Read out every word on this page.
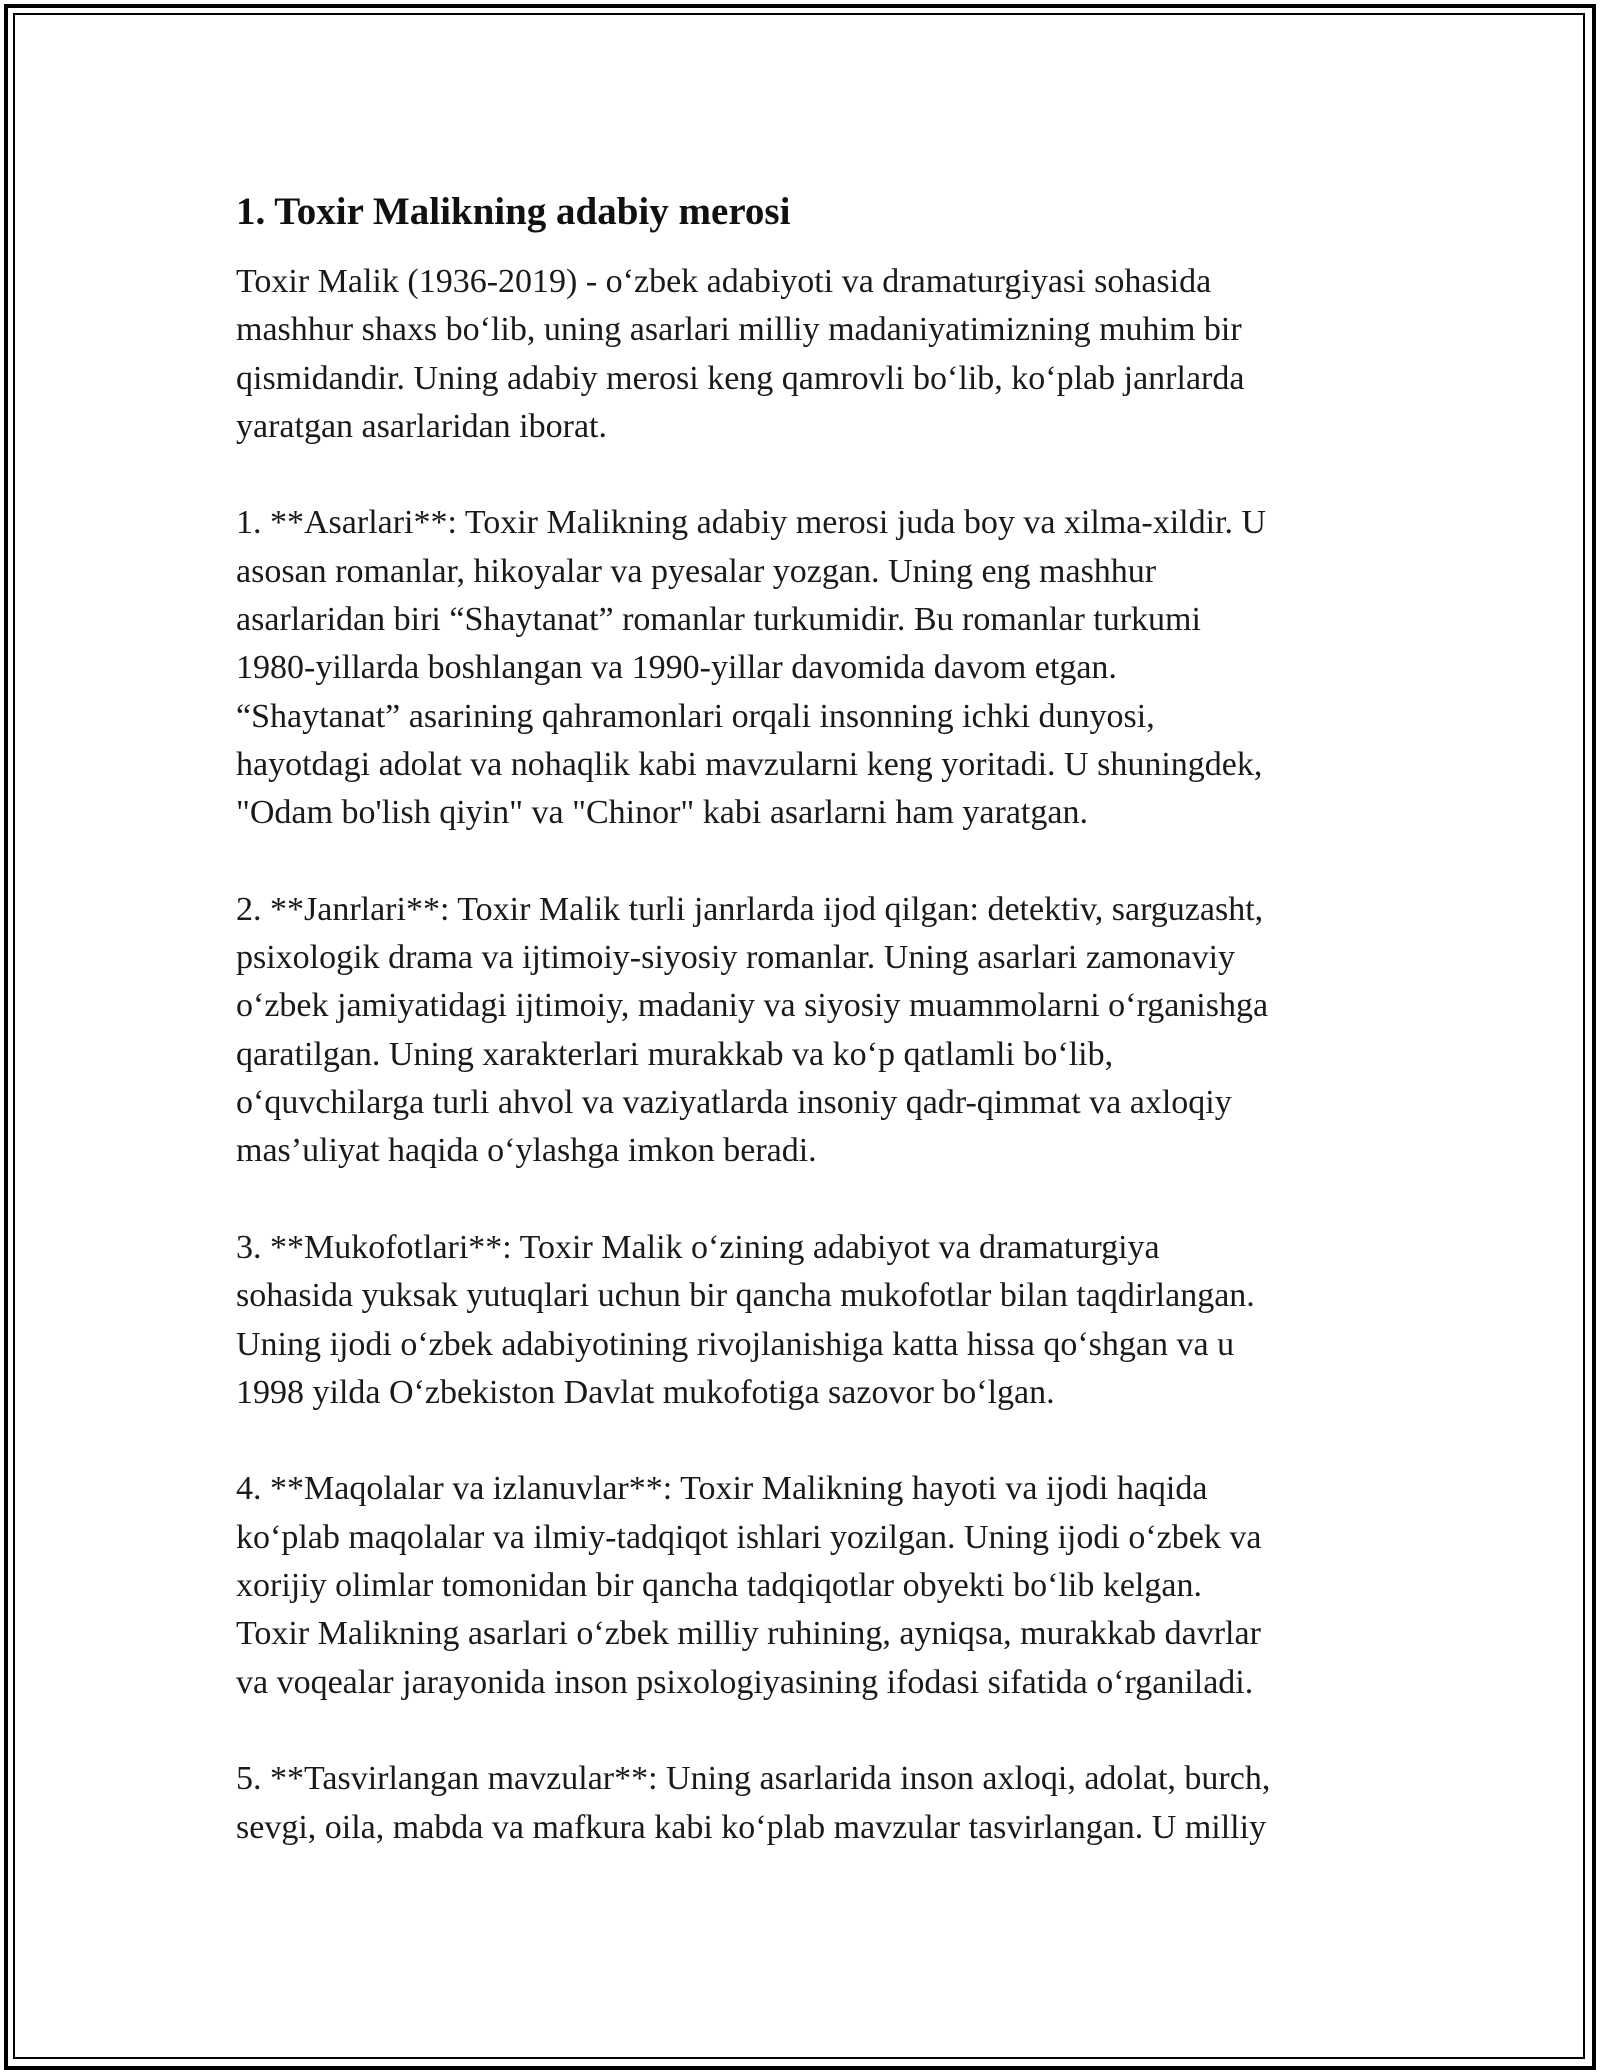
1. Toxir Malikning adabiy merosi

Toxir Malik (1936-2019) - o‘zbek adabiyoti va dramaturgiyasi sohasida
mashhur shaxs bo‘lib, uning asarlari milliy madaniyatimizning muhim bir
qismidandir. Uning adabiy merosi keng qamrovli bo‘lib, ko‘plab janrlarda
yaratgan asarlaridan iborat.

1. **Asarlari**: Toxir Malikning adabiy merosi juda boy va xilma-xildir. U
asosan romanlar, hikoyalar va pyesalar yozgan. Uning eng mashhur
asarlaridan biri “Shaytanat” romanlar turkumidir. Bu romanlar turkumi
1980-yillarda boshlangan va 1990-yillar davomida davom etgan.
“Shaytanat” asarining qahramonlari orqali insonning ichki dunyosi,
hayotdagi adolat va nohaqlik kabi mavzularni keng yoritadi. U shuningdek,
"Odam bo'lish qiyin" va "Chinor" kabi asarlarni ham yaratgan.

2. **Janrlari**: Toxir Malik turli janrlarda ijod qilgan: detektiv, sarguzasht,
psixologik drama va ijtimoiy-siyosiy romanlar. Uning asarlari zamonaviy
o‘zbek jamiyatidagi ijtimoiy, madaniy va siyosiy muammolarni o‘rganishga
qaratilgan. Uning xarakterlari murakkab va ko‘p qatlamli bo‘lib,
o‘quvchilarga turli ahvol va vaziyatlarda insoniy qadr-qimmat va axloqiy
mas’uliyat haqida o‘ylashga imkon beradi.

3. **Mukofotlari**: Toxir Malik o‘zining adabiyot va dramaturgiya
sohasida yuksak yutuqlari uchun bir qancha mukofotlar bilan taqdirlangan.
Uning ijodi o‘zbek adabiyotining rivojlanishiga katta hissa qo‘shgan va u
1998 yilda O‘zbekiston Davlat mukofotiga sazovor bo‘lgan.

4. **Maqolalar va izlanuvlar**: Toxir Malikning hayoti va ijodi haqida
ko‘plab maqolalar va ilmiy-tadqiqot ishlari yozilgan. Uning ijodi o‘zbek va
xorijiy olimlar tomonidan bir qancha tadqiqotlar obyekti bo‘lib kelgan.
Toxir Malikning asarlari o‘zbek milliy ruhining, ayniqsa, murakkab davrlar
va voqealar jarayonida inson psixologiyasining ifodasi sifatida o‘rganiladi.

5. **Tasvirlangan mavzular**: Uning asarlarida inson axloqi, adolat, burch,
sevgi, oila, mabda va mafkura kabi ko‘plab mavzular tasvirlangan. U milliy
